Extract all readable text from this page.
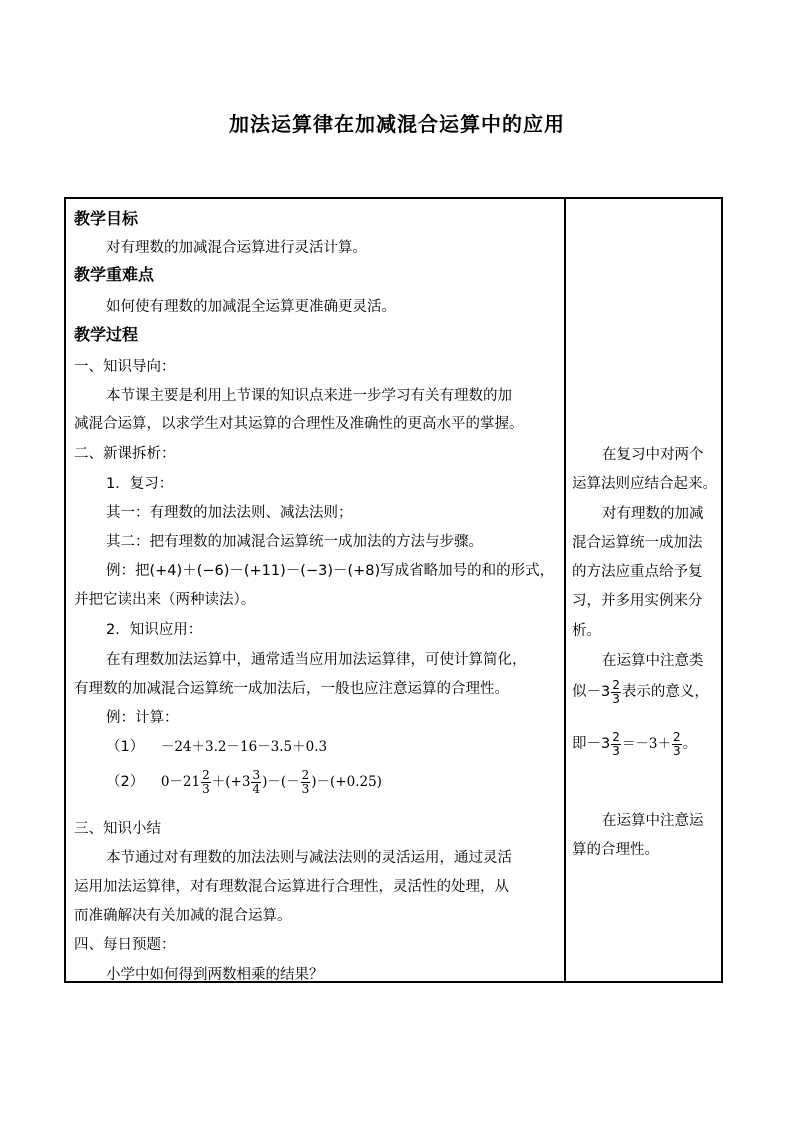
加法运算律在加减混合运算中的应用
教学目标
对有理数的加减混合运算进行灵活计算。
教学重难点
如何使有理数的加减混全运算更准确更灵活。
教学过程
一、知识导向：
本节课主要是利用上节课的知识点来进一步学习有关有理数的加
减混合运算，以求学生对其运算的合理性及准确性的更高水平的掌握。
二、新课拆析：
1．复习：
其一：有理数的加法法则、减法法则；
其二：把有理数的加减混合运算统一成加法的方法与步骤。
例：把(+4)＋(−6)－(+11)－(−3)－(+8)写成省略加号的和的形式，
并把它读出来（两种读法）。
2．知识应用：
在有理数加法运算中，通常适当应用加法运算律，可使计算简化，
有理数的加减混合运算统一成加法后，一般也应注意运算的合理性。
例：计算：
（1） －24＋3.2－16－3.5＋0.3
（2） $0-21 \frac{2}{3} +(+3 \frac{3}{4}$ )－(－ $\frac{2}{3} )-(+0.25)$
三、知识小结
本节通过对有理数的加法法则与减法法则的灵活运用，通过灵活
运用加法运算律，对有理数混合运算进行合理性，灵活性的处理，从
而准确解决有关加减的混合运算。
四、每日预题：
小学中如何得到两数相乘的结果？
在复习中对两个
运算法则应结合起来。
对有理数的加减
混合运算统一成加法
的方法应重点给予复
习，并多用实例来分
析。
在运算中注意类
似$-3 \frac{2}{3}$ 表示的意义，
即$-3 \frac{2}{3} =-3+ \frac{2}{3}$ 。
在运算中注意运
算的合理性。
